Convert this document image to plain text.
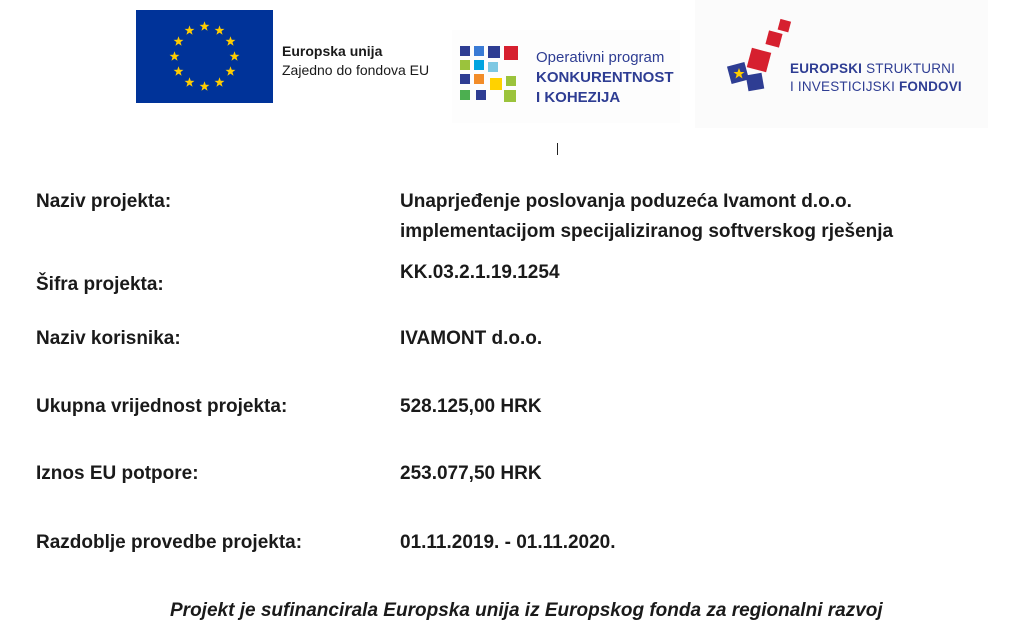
Europska unija
Zajedno do fondova EU
Operativni program
KONKURENTNOST
I KOHEZIJA
EUROPSKI STRUKTURNI
I INVESTICIJSKI FONDOVI
Naziv projekta:	Unaprjeđenje poslovanja poduzeća Ivamont d.o.o.
implementacijom specijaliziranog softverskog rješenja
Šifra projekta:
KK.03.2.1.19.1254
Naziv korisnika:	IVAMONT d.o.o.
Ukupna vrijednost projekta:	528.125,00 HRK
Iznos EU potpore:	253.077,50 HRK
Razdoblje provedbe projekta:	01.11.2019. - 01.11.2020.
Projekt je sufinancirala Europska unija iz Europskog fonda za regionalni razvoj
